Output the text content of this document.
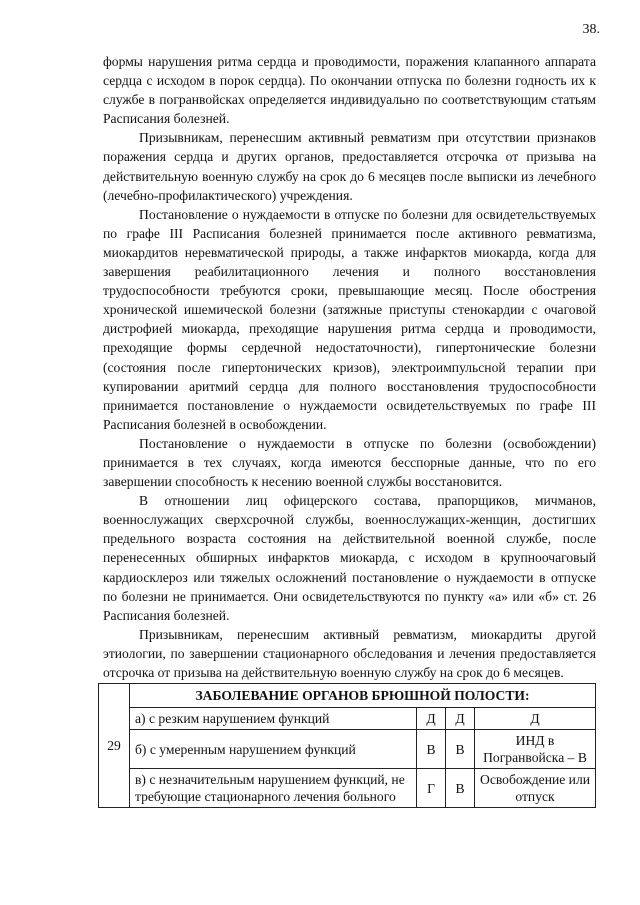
38.

формы нарушения ритма сердца и проводимости, поражения клапанного аппарата сердца с исходом в порок сердца). По окончании отпуска по болезни годность их к службе в погранвойсках определяется индивидуально по соответствующим статьям Расписания болезней.

Призывникам, перенесшим активный ревматизм при отсутствии признаков поражения сердца и других органов, предоставляется отсрочка от призыва на действительную военную службу на срок до 6 месяцев после выписки из лечебного (лечебно-профилактического) учреждения.

Постановление о нуждаемости в отпуске по болезни для освидетельствуемых по графе III Расписания болезней принимается после активного ревматизма, миокардитов неревматической природы, а также инфарктов миокарда, когда для завершения реабилитационного лечения и полного восстановления трудоспособности требуются сроки, превышающие месяц. После обострения хронической ишемической болезни (затяжные приступы стенокардии с очаговой дистрофией миокарда, преходящие нарушения ритма сердца и проводимости, преходящие формы сердечной недостаточности), гипертонические болезни (состояния после гипертонических кризов), электроимпульсной терапии при купировании аритмий сердца для полного восстановления трудоспособности принимается постановление о нуждаемости освидетельствуемых по графе III Расписания болезней в освобождении.

Постановление о нуждаемости в отпуске по болезни (освобождении) принимается в тех случаях, когда имеются бесспорные данные, что по его завершении способность к несению военной службы восстановится.

В отношении лиц офицерского состава, прапорщиков, мичманов, военнослужащих сверхсрочной службы, военнослужащих-женщин, достигших предельного возраста состояния на действительной военной службе, после перенесенных обширных инфарктов миокарда, с исходом в крупноочаговый кардиосклероз или тяжелых осложнений постановление о нуждаемости в отпуске по болезни не принимается. Они освидетельствуются по пункту «а» или «б» ст. 26 Расписания болезней.

Призывникам, перенесшим активный ревматизм, миокардиты другой этиологии, по завершении стационарного обследования и лечения предоставляется отсрочка от призыва на действительную военную службу на срок до 6 месяцев.

29	ЗАБОЛЕВАНИЕ ОРГАНОВ БРЮШНОЙ ПОЛОСТИ:			
	а) с резким нарушением функций	Д	Д	Д
	б) с умеренным нарушением функций	В	В	ИНД в Погранвойска – В
	в) с незначительным нарушением функций, не требующие стационарного лечения больного	Г	В	Освобождение или отпуск
